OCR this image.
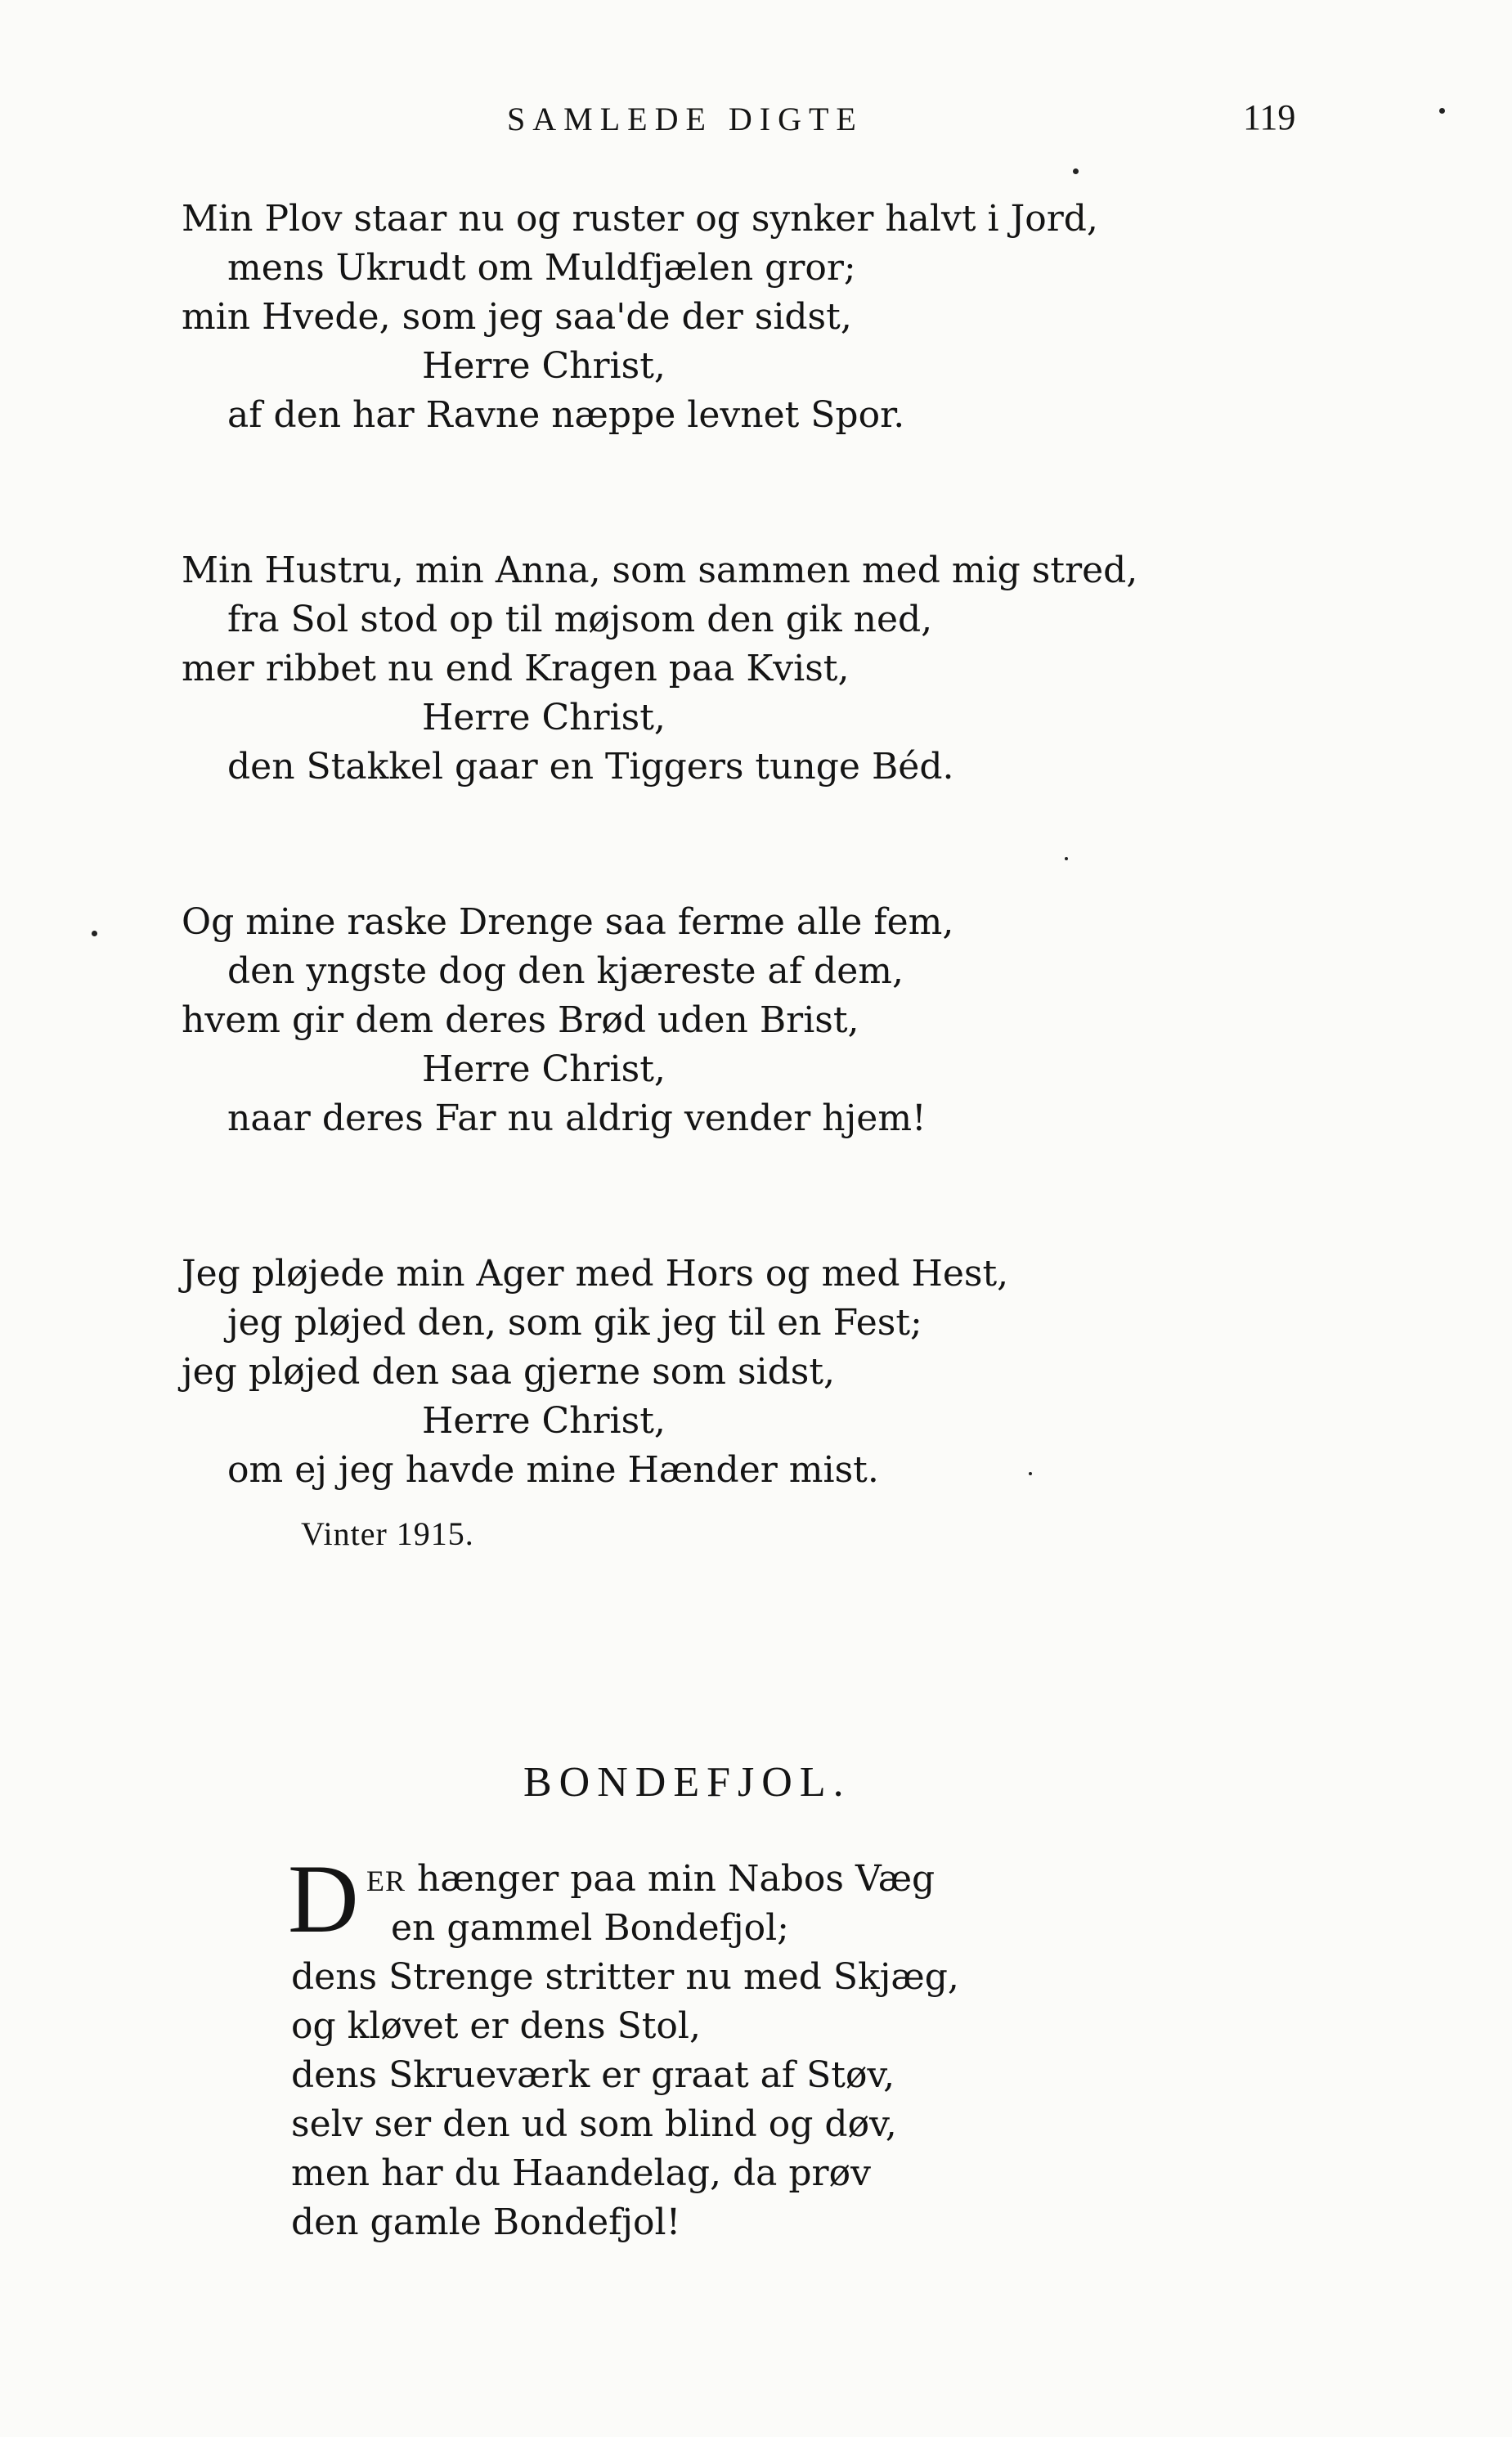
SAMLEDE DIGTE	119
Min Plov staar nu og ruster og synker halvt i Jord,
mens Ukrudt om Muldfjælen gror;
min Hvede, som jeg saa'de der sidst,
Herre Christ,
af den har Ravne næppe levnet Spor.
Min Hustru, min Anna, som sammen med mig stred,
fra Sol stod op til møjsom den gik ned,
mer ribbet nu end Kragen paa Kvist,
Herre Christ,
den Stakkel gaar en Tiggers tunge Béd.
Og mine raske Drenge saa ferme alle fem,
den yngste dog den kjæreste af dem,
hvem gir dem deres Brød uden Brist,
Herre Christ,
naar deres Far nu aldrig vender hjem!
Jeg pløjede min Ager med Hors og med Hest,
jeg pløjed den, som gik jeg til en Fest;
jeg pløjed den saa gjerne som sidst,
Herre Christ,
om ej jeg havde mine Hænder mist.
Vinter 1915.
BONDEFJOL.
D ER hænger paa min Nabos Væg
en gammel Bondefjol;
dens Strenge stritter nu med Skjæg,
og kløvet er dens Stol,
dens Skrueværk er graat af Støv,
selv ser den ud som blind og døv,
men har du Haandelag, da prøv
den gamle Bondefjol!
